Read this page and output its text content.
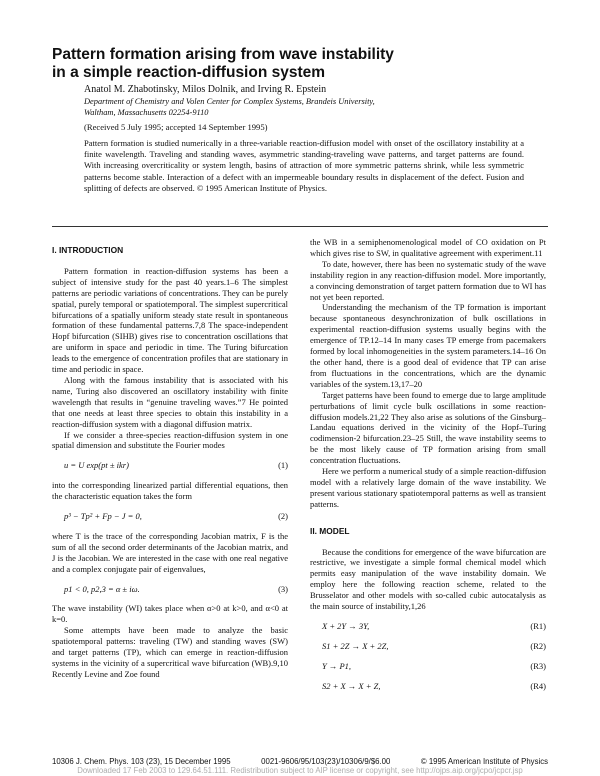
Pattern formation arising from wave instability
in a simple reaction-diffusion system
Anatol M. Zhabotinsky, Milos Dolnik, and Irving R. Epstein
Department of Chemistry and Volen Center for Complex Systems, Brandeis University,
Waltham, Massachusetts 02254-9110
(Received 5 July 1995; accepted 14 September 1995)
Pattern formation is studied numerically in a three-variable reaction-diffusion model with onset of the oscillatory instability at a finite wavelength. Traveling and standing waves, asymmetric standing-traveling wave patterns, and target patterns are found. With increasing overcriticality or system length, basins of attraction of more symmetric patterns shrink, while less symmetric patterns become stable. Interaction of a defect with an impermeable boundary results in displacement of the defect. Fusion and splitting of defects are observed. © 1995 American Institute of Physics.
I. INTRODUCTION

Pattern formation in reaction-diffusion systems has been a subject of intensive study for the past 40 years.1–6 The simplest patterns are periodic variations of concentrations. They can be purely spatial, purely temporal or spatiotemporal. The simplest supercritical bifurcations of a spatially uniform steady state result in spontaneous formation of these fundamental patterns.7,8 The space-independent Hopf bifurcation (SIHB) gives rise to concentration oscillations that are uniform in space and periodic in time. The Turing bifurcation leads to the emergence of concentration profiles that are stationary in time and periodic in space.

Along with the famous instability that is associated with his name, Turing also discovered an oscillatory instability with finite wavelength that results in “genuine traveling waves.”7 He pointed that one needs at least three species to obtain this instability in a reaction-diffusion system with a diagonal diffusion matrix.

If we consider a three-species reaction-diffusion system in one spatial dimension and substitute the Fourier modes

u = U exp(pt ± ikr)	(1)

into the corresponding linearized partial differential equations, then the characteristic equation takes the form

p³ − Tp² + Fp − J = 0,	(2)

where T is the trace of the corresponding Jacobian matrix, F is the sum of all the second order determinants of the Jacobian matrix, and J is the Jacobian. We are interested in the case with one real negative and a complex conjugate pair of eigenvalues,

p1 < 0, p2,3 = α ± iω.	(3)

The wave instability (WI) takes place when α>0 at k>0, and α<0 at k=0.

Some attempts have been made to analyze the basic spatiotemporal patterns: traveling (TW) and standing waves (SW) and target patterns (TP), which can emerge in reaction-diffusion systems in the vicinity of a supercritical wave bifurcation (WB).9,10 Recently Levine and Zoe found

the WB in a semiphenomenological model of CO oxidation on Pt which gives rise to SW, in qualitative agreement with experiment.11

To date, however, there has been no systematic study of the wave instability region in any reaction-diffusion model. More importantly, a convincing demonstration of target pattern formation due to WI has not yet been reported.

Understanding the mechanism of the TP formation is important because spontaneous desynchronization of bulk oscillations in experimental reaction-diffusion systems usually begins with the emergence of TP.12–14 In many cases TP emerge from pacemakers formed by local inhomogeneities in the system parameters.14–16 On the other hand, there is a good deal of evidence that TP can arise from fluctuations in the concentrations, which are the dynamic variables of the system.13,17–20

Target patterns have been found to emerge due to large amplitude perturbations of limit cycle bulk oscillations in some reaction-diffusion models.21,22 They also arise as solutions of the Ginsburg–Landau equations derived in the vicinity of the Hopf–Turing codimension-2 bifurcation.23–25 Still, the wave instability seems to be the most likely cause of TP formation arising from small concentration fluctuations.

Here we perform a numerical study of a simple reaction-diffusion model with a relatively large domain of the wave instability. We present various stationary spatiotemporal patterns as well as transient patterns.

II. MODEL

Because the conditions for emergence of the wave bifurcation are restrictive, we investigate a simple formal chemical model which permits easy manipulation of the wave instability domain. We employ here the following reaction scheme, related to the Brusselator and other models with so-called cubic autocatalysis as the main source of instability,1,26

X + 2Y → 3Y,	(R1)
S1 + 2Z → X + 2Z,	(R2)
Y → P1,	(R3)
S2 + X → X + Z,	(R4)
10306 J. Chem. Phys. 103 (23), 15 December 1995	0021-9606/95/103(23)/10306/9/$6.00	© 1995 American Institute of Physics
Downloaded 17 Feb 2003 to 129.64.51.111. Redistribution subject to AIP license or copyright, see http://ojps.aip.org/jcpo/jcpcr.jsp
